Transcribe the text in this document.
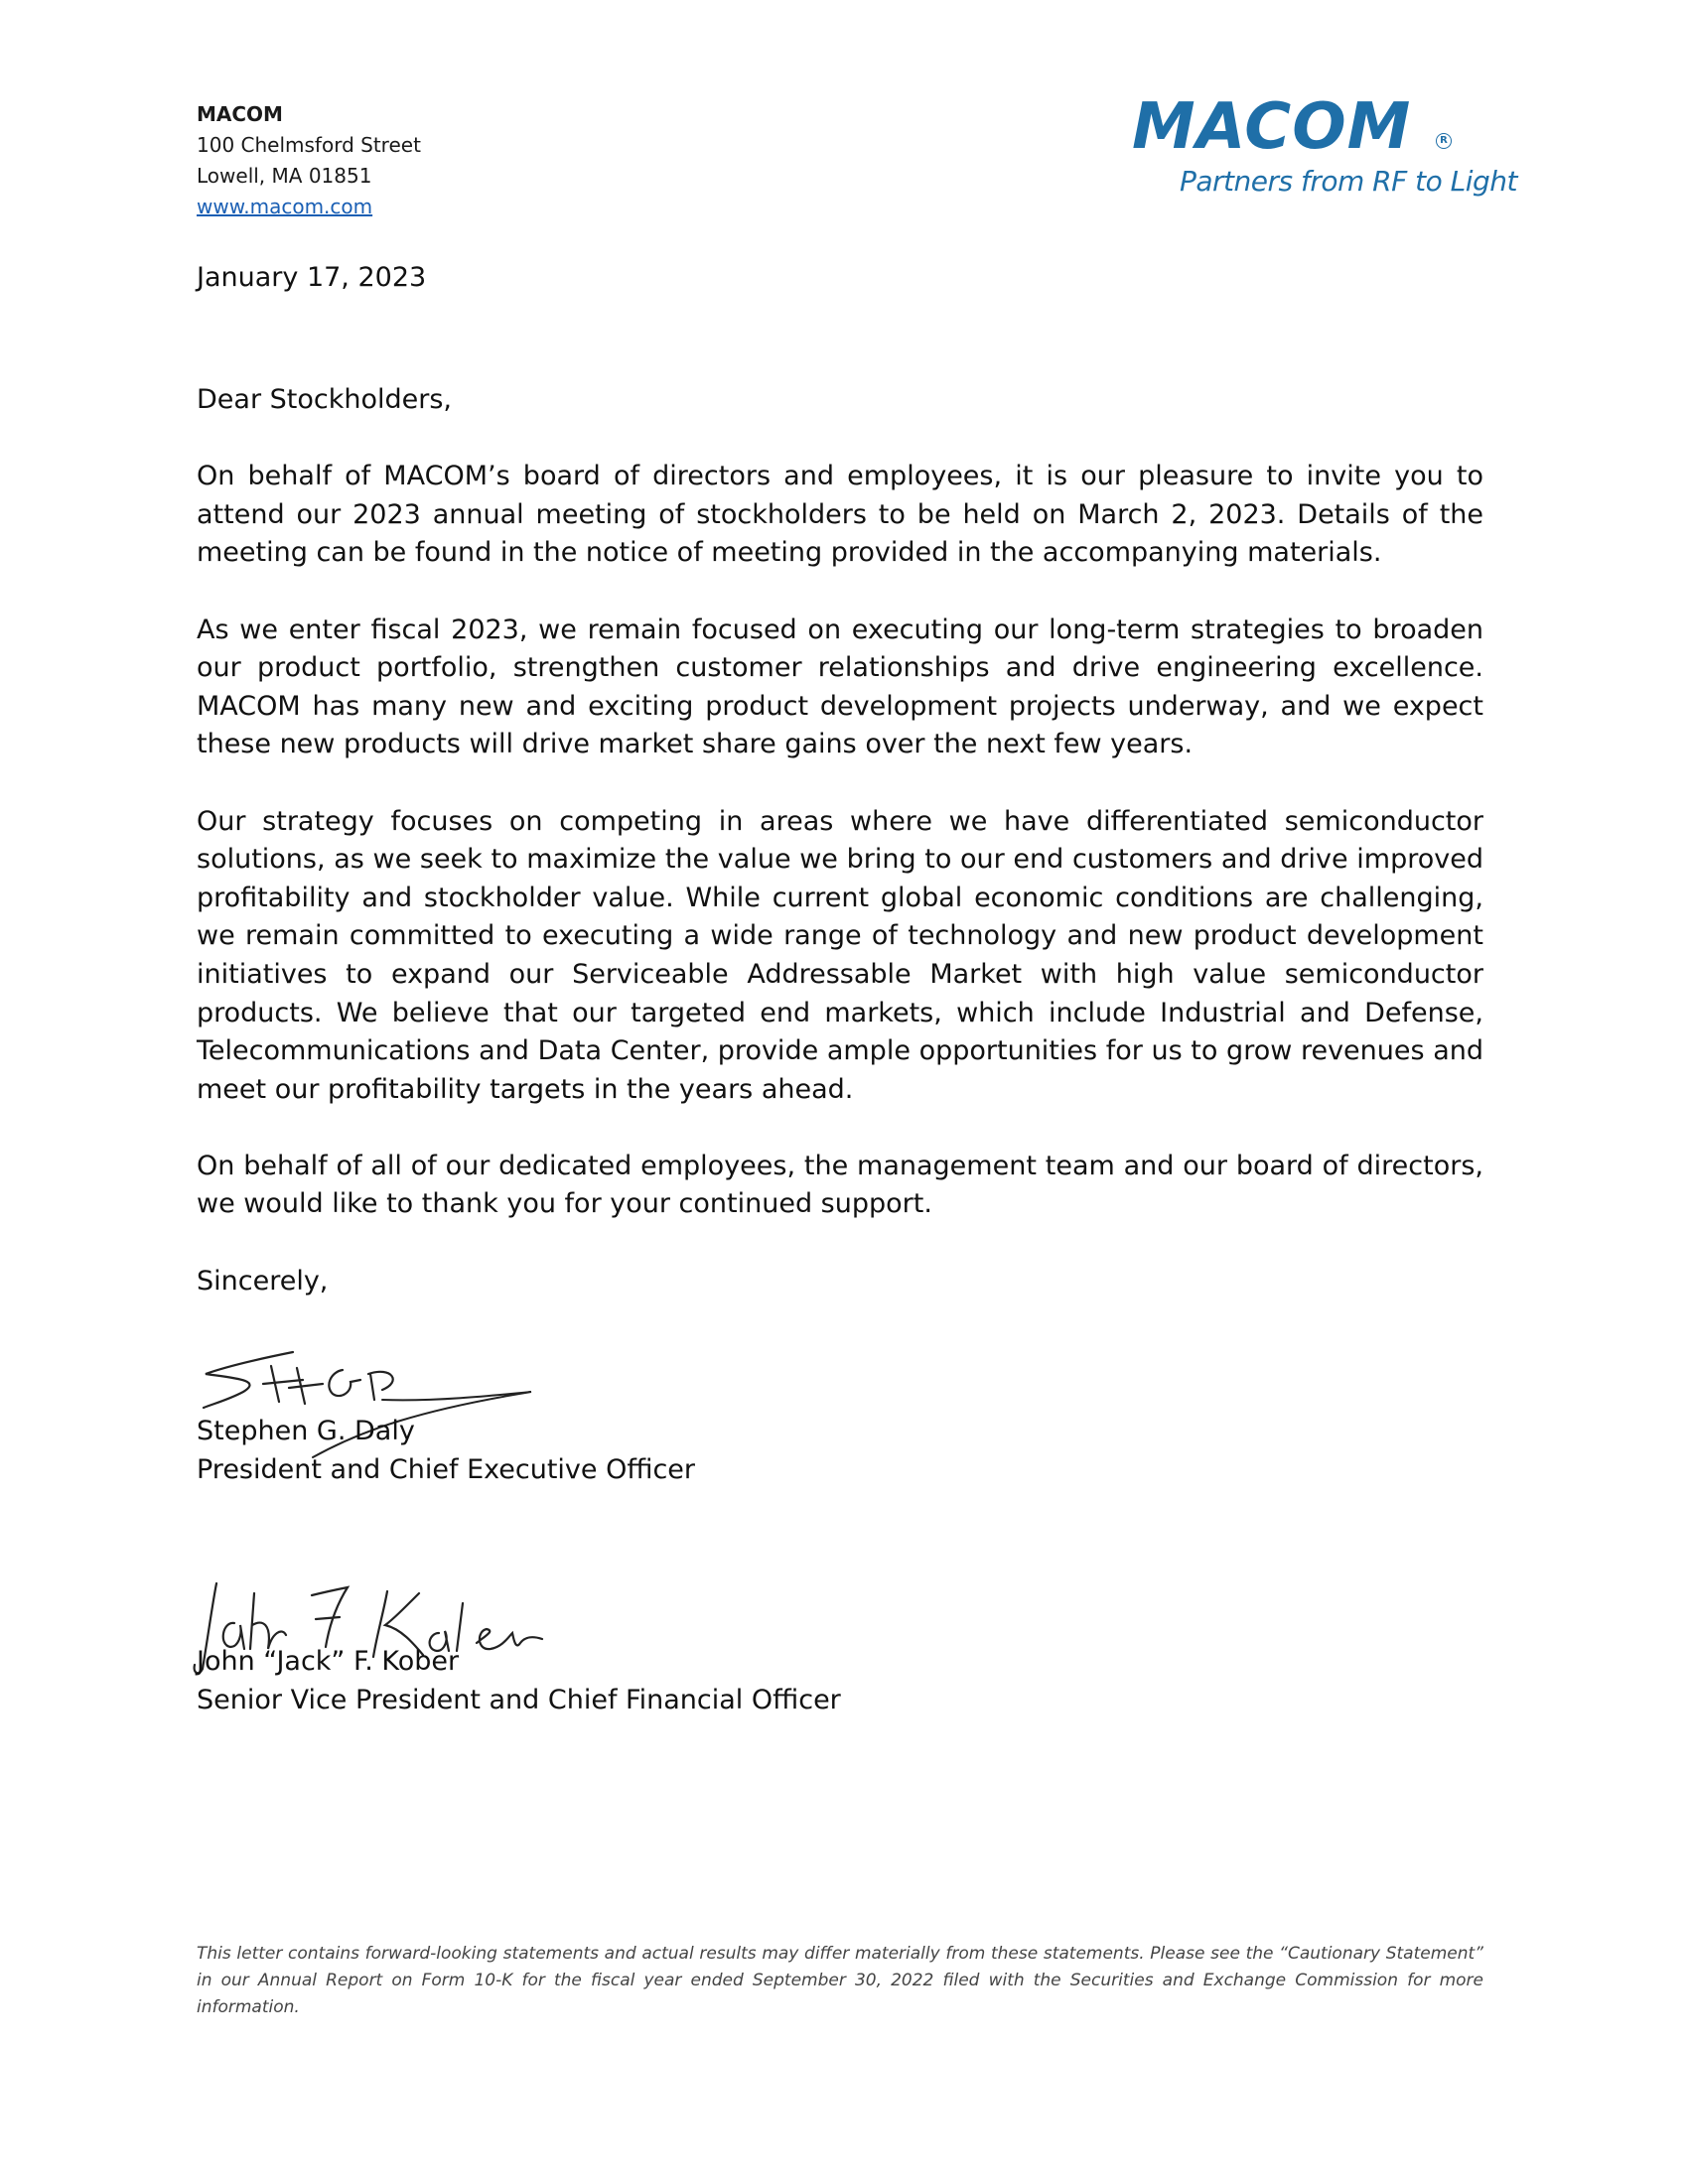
MACOM
100 Chelmsford Street
Lowell, MA 01851
www.macom.com
MACOM	R
Partners from RF to Light
January 17, 2023

Dear Stockholders,

On behalf of MACOM’s board of directors and employees, it is our pleasure to invite you to attend our 2023 annual meeting of stockholders to be held on March 2, 2023. Details of the meeting can be found in the notice of meeting provided in the accompanying materials.

As we enter fiscal 2023, we remain focused on executing our long-term strategies to broaden our product portfolio, strengthen customer relationships and drive engineering excellence. MACOM has many new and exciting product development projects underway, and we expect these new products will drive market share gains over the next few years.

Our strategy focuses on competing in areas where we have differentiated semiconductor solutions, as we seek to maximize the value we bring to our end customers and drive improved profitability and stockholder value. While current global economic conditions are challenging, we remain committed to executing a wide range of technology and new product development initiatives to expand our Serviceable Addressable Market with high value semiconductor products. We believe that our targeted end markets, which include Industrial and Defense, Telecommunications and Data Center, provide ample opportunities for us to grow revenues and meet our profitability targets in the years ahead.

On behalf of all of our dedicated employees, the management team and our board of directors, we would like to thank you for your continued support.

Sincerely,
Stephen G. Daly
President and Chief Executive Officer
John “Jack” F. Kober
Senior Vice President and Chief Financial Officer
This letter contains forward-looking statements and actual results may differ materially from these statements. Please see the “Cautionary Statement” in our Annual Report on Form 10-K for the fiscal year ended September 30, 2022 filed with the Securities and Exchange Commission for more information.
